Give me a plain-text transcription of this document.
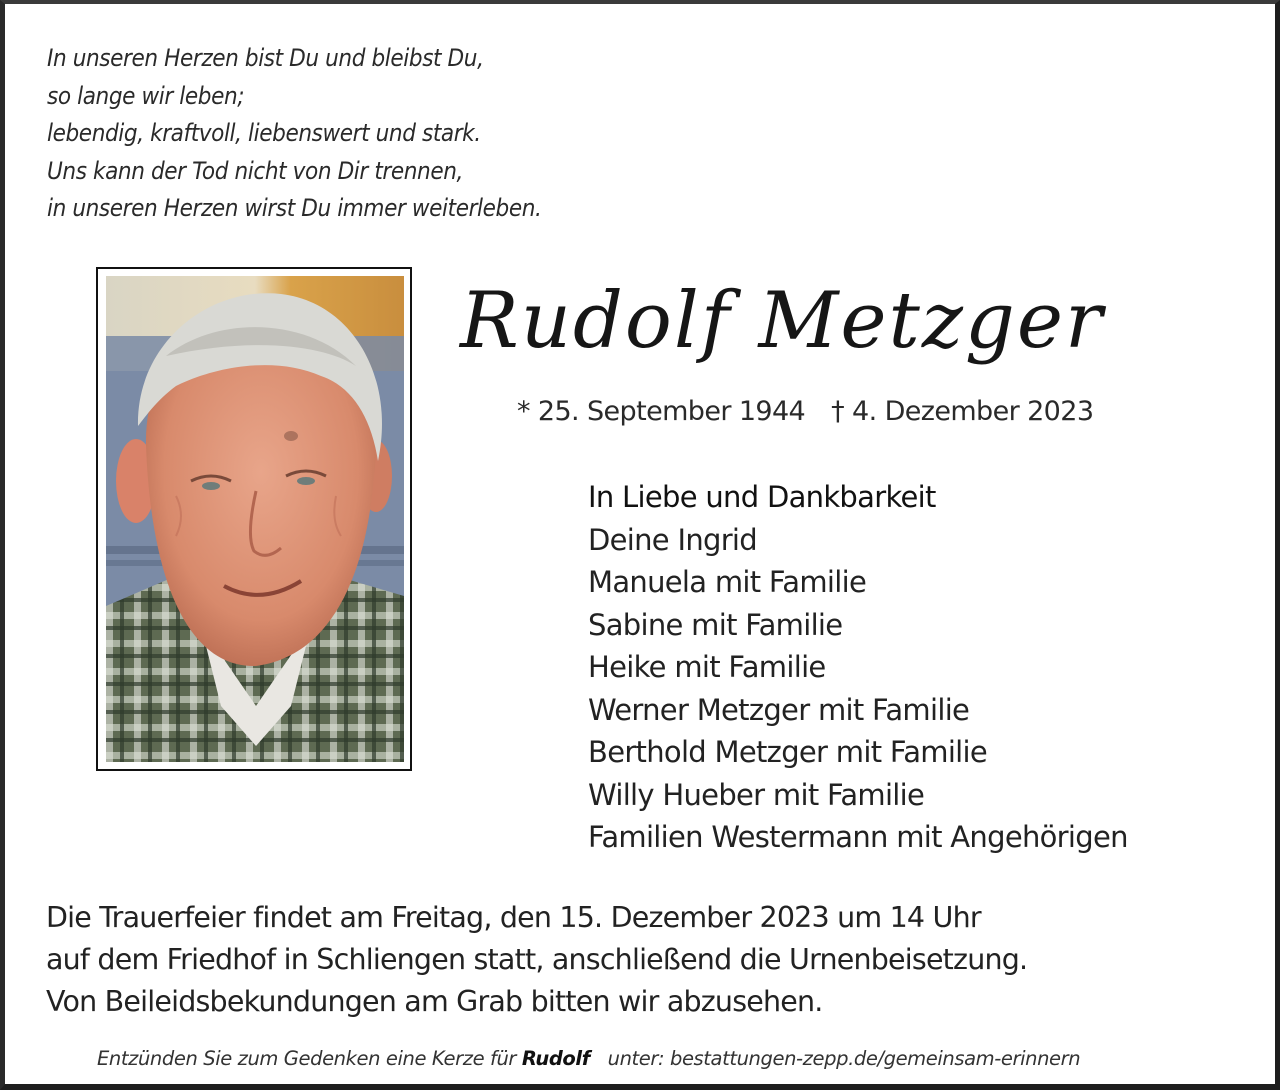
In unseren Herzen bist Du und bleibst Du,
so lange wir leben;
lebendig, kraftvoll, liebenswert und stark.
Uns kann der Tod nicht von Dir trennen,
in unseren Herzen wirst Du immer weiterleben.
Rudolf Metzger
* 25. September 1944 † 4. Dezember 2023
In Liebe und Dankbarkeit
Deine Ingrid
Manuela mit Familie
Sabine mit Familie
Heike mit Familie
Werner Metzger mit Familie
Berthold Metzger mit Familie
Willy Hueber mit Familie
Familien Westermann mit Angehörigen
Die Trauerfeier findet am Freitag, den 15. Dezember 2023 um 14 Uhr
auf dem Friedhof in Schliengen statt, anschließend die Urnenbeisetzung.
Von Beileidsbekundungen am Grab bitten wir abzusehen.
Entzünden Sie zum Gedenken eine Kerze für Rudolf unter: bestattungen-zepp.de/gemeinsam-erinnern
